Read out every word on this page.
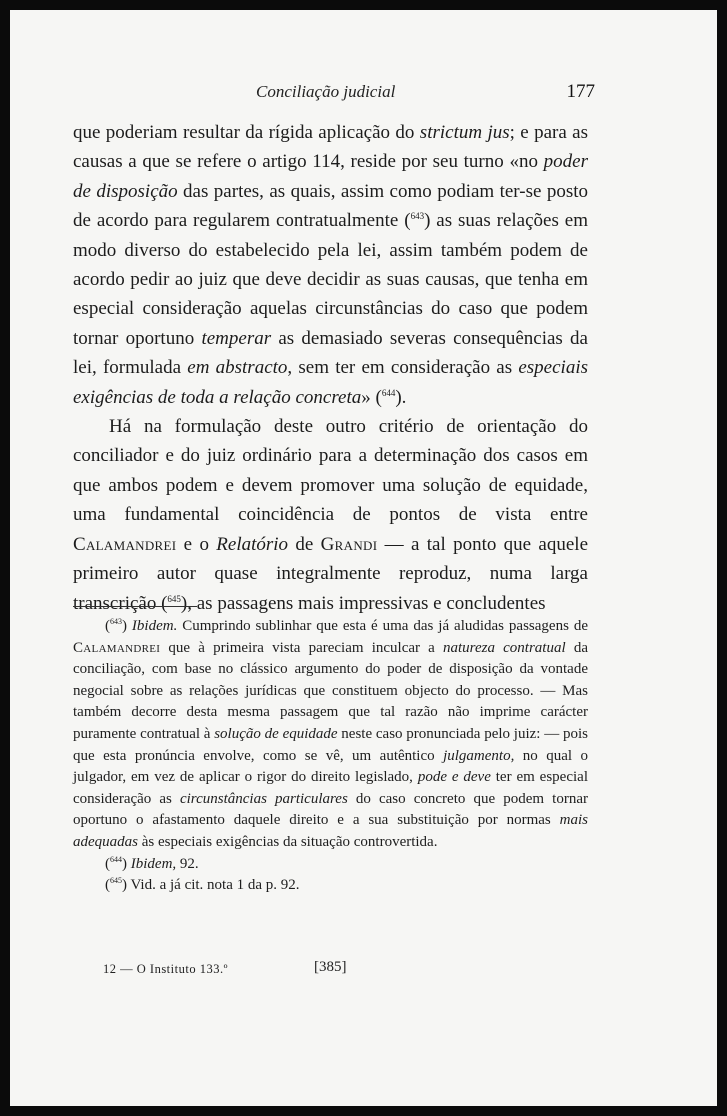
Conciliação judicial	177

que poderiam resultar da rígida aplicação do strictum jus; e para as causas a que se refere o artigo 114, reside por seu turno «no poder de disposição das partes, as quais, assim como podiam ter-se posto de acordo para regularem contratualmente ($^{643}$) as suas relações em modo diverso do estabelecido pela lei, assim também podem de acordo pedir ao juiz que deve decidir as suas causas, que tenha em especial consideração aquelas circunstâncias do caso que podem tornar oportuno temperar as demasiado severas consequências da lei, formulada em abstracto, sem ter em consideração as especiais exigências de toda a relação concreta» ($^{644}$).

Há na formulação deste outro critério de orientação do conciliador e do juiz ordinário para a determinação dos casos em que ambos podem e devem promover uma solução de equidade, uma fundamental coincidência de pontos de vista entre Calamandrei e o Relatório de Grandi — a tal ponto que aquele primeiro autor quase integralmente reproduz, numa larga transcrição ($^{645}$), as passagens mais impressivas e concludentes

($^{643}$) Ibidem. Cumprindo sublinhar que esta é uma das já aludidas passagens de Calamandrei que à primeira vista pareciam inculcar a natureza contratual da conciliação, com base no clássico argumento do poder de disposição da vontade negocial sobre as relações jurídicas que constituem objecto do processo. — Mas também decorre desta mesma passagem que tal razão não imprime carácter puramente contratual à solução de equidade neste caso pronunciada pelo juiz: — pois que esta pronúncia envolve, como se vê, um autêntico julgamento, no qual o julgador, em vez de aplicar o rigor do direito legislado, pode e deve ter em especial consideração as circunstâncias particulares do caso concreto que podem tornar oportuno o afastamento daquele direito e a sua substituição por normas mais adequadas às especiais exigências da situação controvertida.

($^{644}$) Ibidem, 92.

($^{645}$) Vid. a já cit. nota 1 da p. 92.

12 — O Instituto 133.º	[385]
